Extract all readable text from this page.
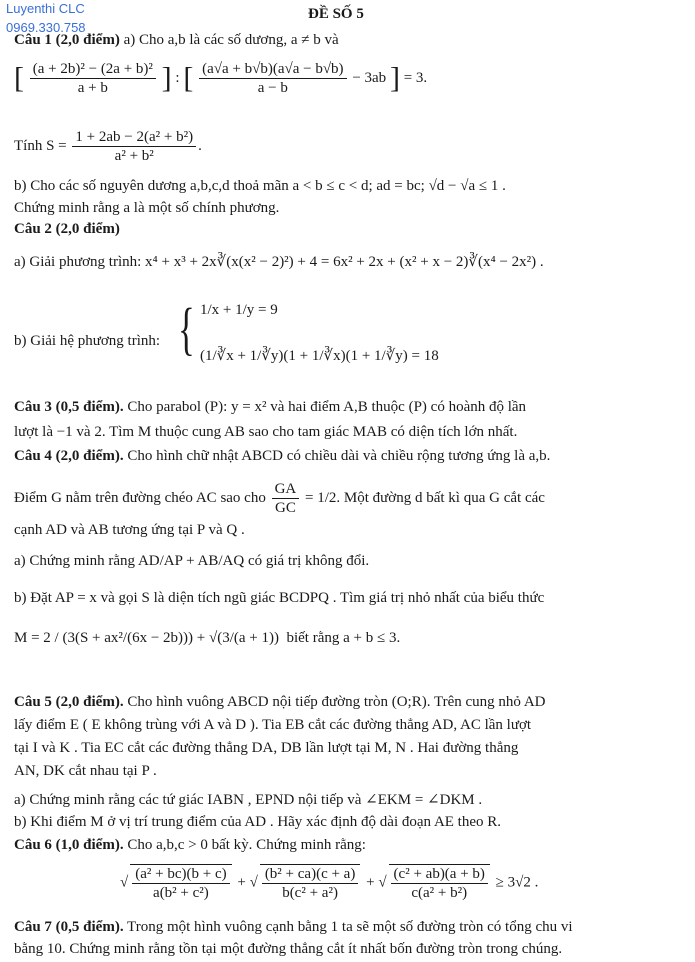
Luyenthi CLC
0969.330.758
ĐỀ SỐ 5
Câu 1 (2,0 điểm) a) Cho a,b là các số dương, a ≠ b và
[ $\frac{\text{(a + 2b)² − (2a + b)²}}{a + b}$ ] : [ $\frac{(a√a + b√b)(a√a - b√b)}{a - b} - 3ab$ ] = 3.
Tính $S = \frac{\text{1 + 2ab − 2(a² + b²)}}{\text{a² + b²}}$ .
b) Cho các số nguyên dương a,b,c,d thoả mãn a < b ≤ c < d; ad = bc; √d − √a ≤ 1 .
Chứng minh rằng a là một số chính phương.
Câu 2 (2,0 điểm)
a) Giải phương trình: x⁴ + x³ + 2x∛(x(x² − 2)²) + 4 = 6x² + 2x + (x² + x − 2)∛(x⁴ − 2x²) .
b) Giải hệ phương trình: { 1/x + 1/y = 9
(1/∛x + 1/∛y)(1 + 1/∛x)(1 + 1/∛y) = 18
Câu 3 (0,5 điểm). Cho parabol (P): y = x² và hai điểm A,B thuộc (P) có hoành độ lần
lượt là −1 và 2. Tìm M thuộc cung AB sao cho tam giác MAB có diện tích lớn nhất.
Câu 4 (2,0 điểm). Cho hình chữ nhật ABCD có chiều dài và chiều rộng tương ứng là a,b.
Điểm G nằm trên đường chéo AC sao cho $\frac{GA}{GC} = 1/2$. Một đường d bất kì qua G cắt các
cạnh AD và AB tương ứng tại P và Q .
a) Chứng minh rằng AD/AP + AB/AQ có giá trị không đổi.
b) Đặt AP = x và gọi S là diện tích ngũ giác BCDPQ . Tìm giá trị nhỏ nhất của biểu thức
M = 2 / (3(S + ax²/(6x − 2b))) + √(3/(a + 1)) biết rằng a + b ≤ 3.
Câu 5 (2,0 điểm). Cho hình vuông ABCD nội tiếp đường tròn (O;R). Trên cung nhỏ AD
lấy điểm E ( E không trùng với A và D ). Tia EB cắt các đường thẳng AD, AC lần lượt
tại I và K . Tia EC cắt các đường thẳng DA, DB lần lượt tại M, N . Hai đường thẳng
AN, DK cắt nhau tại P .
a) Chứng minh rằng các tứ giác IABN , EPND nội tiếp và ∠EKM = ∠DKM .
b) Khi điểm M ở vị trí trung điểm của AD . Hãy xác định độ dài đoạn AE theo R.
Câu 6 (1,0 điểm). Cho a,b,c > 0 bất kỳ. Chứng minh rằng:
√ $\frac{\text{(a² + bc)(b + c)}}{\text{a(b² + c²)}}$ + √ $\frac{\text{(b² + ca)(c + a)}}{\text{b(c² + a²)}}$ + √ $\frac{\text{(c² + ab)(a + b)}}{\text{c(a² + b²)}} \ge 3√2$ .
Câu 7 (0,5 điểm). Trong một hình vuông cạnh bằng 1 ta sẽ một số đường tròn có tổng chu vi
bằng 10. Chứng minh rằng tồn tại một đường thẳng cắt ít nhất bốn đường tròn trong chúng.
